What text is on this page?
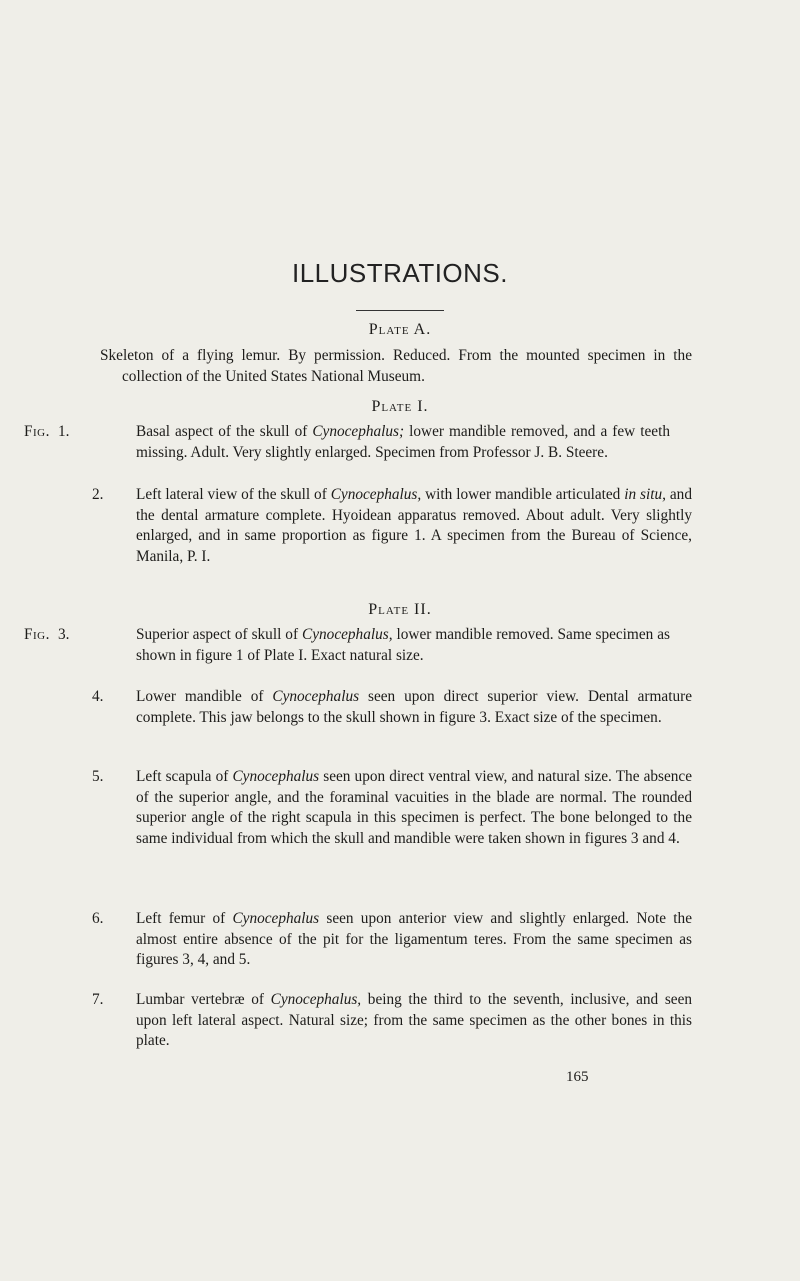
ILLUSTRATIONS.
Plate A.
Skeleton of a flying lemur. By permission. Reduced. From the mounted specimen in the collection of the United States National Museum.
Plate I.
Fig. 1.	Basal aspect of the skull of Cynocephalus; lower mandible removed, and a few teeth missing. Adult. Very slightly enlarged. Specimen from Professor J. B. Steere.
2. Left lateral view of the skull of Cynocephalus, with lower mandible articulated in situ, and the dental armature complete. Hyoidean apparatus removed. About adult. Very slightly enlarged, and in same proportion as figure 1. A specimen from the Bureau of Science, Manila, P. I.
Plate II.
Fig. 3.	Superior aspect of skull of Cynocephalus, lower mandible removed. Same specimen as shown in figure 1 of Plate I. Exact natural size.
4. Lower mandible of Cynocephalus seen upon direct superior view. Dental armature complete. This jaw belongs to the skull shown in figure 3. Exact size of the specimen.
5. Left scapula of Cynocephalus seen upon direct ventral view, and natural size. The absence of the superior angle, and the foraminal vacuities in the blade are normal. The rounded superior angle of the right scapula in this specimen is perfect. The bone belonged to the same individual from which the skull and mandible were taken shown in figures 3 and 4.
6. Left femur of Cynocephalus seen upon anterior view and slightly enlarged. Note the almost entire absence of the pit for the ligamentum teres. From the same specimen as figures 3, 4, and 5.
7. Lumbar vertebræ of Cynocephalus, being the third to the seventh, inclusive, and seen upon left lateral aspect. Natural size; from the same specimen as the other bones in this plate.
165
